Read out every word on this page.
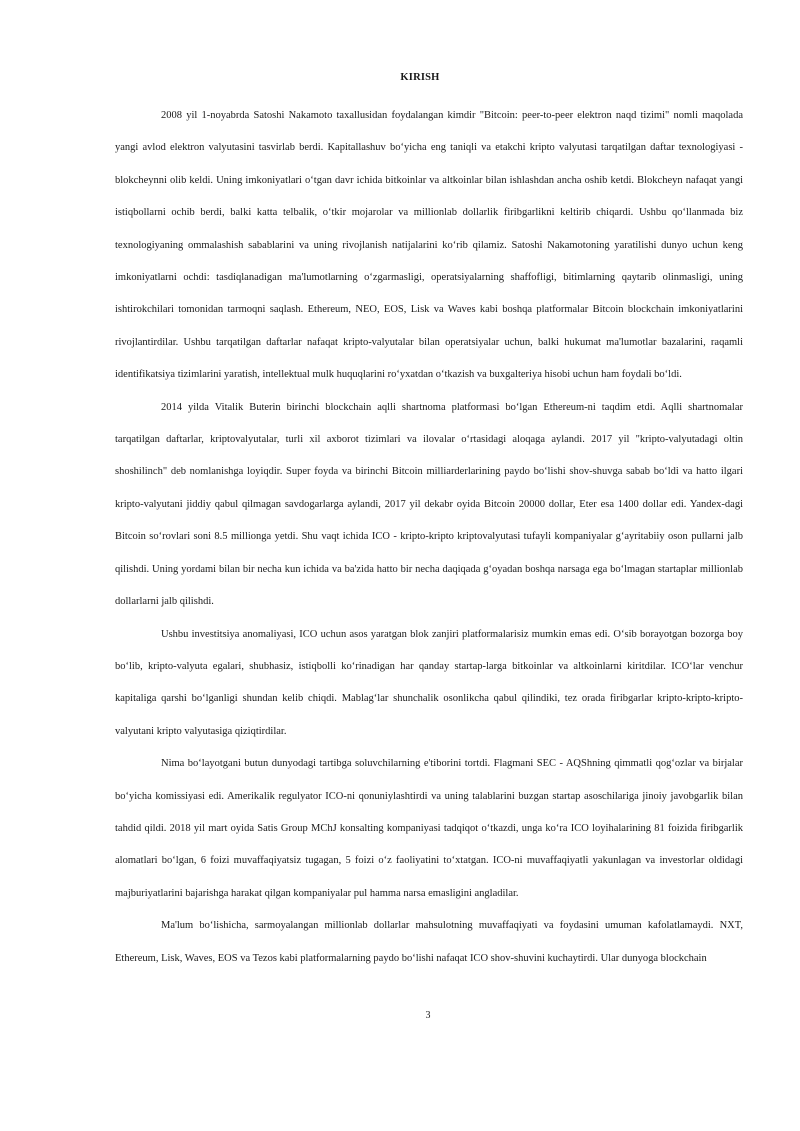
KIRISH

2008 yil 1-noyabrda Satoshi Nakamoto taxallusidan foydalangan kimdir "Bitcoin: peer-to-peer elektron naqd tizimi" nomli maqolada yangi avlod elektron valyutasini tasvirlab berdi. Kapitallashuv bo‘yicha eng taniqli va etakchi kripto valyutasi tarqatilgan daftar texnologiyasi - blokcheynni olib keldi. Uning imkoniyatlari o‘tgan davr ichida bitkoinlar va altkoinlar bilan ishlashdan ancha oshib ketdi. Blokcheyn nafaqat yangi istiqbollarni ochib berdi, balki katta telbalik, o‘tkir mojarolar va millionlab dollarlik firibgarlikni keltirib chiqardi. Ushbu qo‘llanmada biz texnologiyaning ommalashish sabablarini va uning rivojlanish natijalarini ko‘rib qilamiz. Satoshi Nakamotoning yaratilishi dunyo uchun keng imkoniyatlarni ochdi: tasdiqlanadigan ma'lumotlarning o‘zgarmasligi, operatsiyalarning shaffofligi, bitimlarning qaytarib olinmasligi, uning ishtirokchilari tomonidan tarmoqni saqlash. Ethereum, NEO, EOS, Lisk va Waves kabi boshqa platformalar Bitcoin blockchain imkoniyatlarini rivojlantirdilar. Ushbu tarqatilgan daftarlar nafaqat kripto-valyutalar bilan operatsiyalar uchun, balki hukumat ma'lumotlar bazalarini, raqamli identifikatsiya tizimlarini yaratish, intellektual mulk huquqlarini ro‘yxatdan o‘tkazish va buxgalteriya hisobi uchun ham foydali bo‘ldi.

2014 yilda Vitalik Buterin birinchi blockchain aqlli shartnoma platformasi bo‘lgan Ethereum-ni taqdim etdi. Aqlli shartnomalar tarqatilgan daftarlar, kriptovalyutalar, turli xil axborot tizimlari va ilovalar o‘rtasidagi aloqaga aylandi. 2017 yil "kripto-valyutadagi oltin shoshilinch" deb nomlanishga loyiqdir. Super foyda va birinchi Bitcoin milliarderlarining paydo bo‘lishi shov-shuvga sabab bo‘ldi va hatto ilgari kripto-valyutani jiddiy qabul qilmagan savdogarlarga aylandi, 2017 yil dekabr oyida Bitcoin 20000 dollar, Eter esa 1400 dollar edi. Yandex-dagi Bitcoin so‘rovlari soni 8.5 millionga yetdi. Shu vaqt ichida ICO - kripto-kripto kriptovalyutasi tufayli kompaniyalar g‘ayritabiiy oson pullarni jalb qilishdi. Uning yordami bilan bir necha kun ichida va ba'zida hatto bir necha daqiqada g‘oyadan boshqa narsaga ega bo‘lmagan startaplar millionlab dollarlarni jalb qilishdi.

Ushbu investitsiya anomaliyasi, ICO uchun asos yaratgan blok zanjiri platformalarisiz mumkin emas edi. O‘sib borayotgan bozorga boy bo‘lib, kripto-valyuta egalari, shubhasiz, istiqbolli ko‘rinadigan har qanday startap-larga bitkoinlar va altkoinlarni kiritdilar. ICO‘lar venchur kapitaliga qarshi bo‘lganligi shundan kelib chiqdi. Mablag‘lar shunchalik osonlikcha qabul qilindiki, tez orada firibgarlar kripto-kripto-kripto-valyutani kripto valyutasiga qiziqtirdilar.

Nima bo‘layotgani butun dunyodagi tartibga soluvchilarning e'tiborini tortdi. Flagmani SEC - AQShning qimmatli qog‘ozlar va birjalar bo‘yicha komissiyasi edi. Amerikalik regulyator ICO-ni qonuniylashtirdi va uning talablarini buzgan startap asoschilariga jinoiy javobgarlik bilan tahdid qildi. 2018 yil mart oyida Satis Group MChJ konsalting kompaniyasi tadqiqot o‘tkazdi, unga ko‘ra ICO loyihalarining 81 foizida firibgarlik alomatlari bo‘lgan, 6 foizi muvaffaqiyatsiz tugagan, 5 foizi o‘z faoliyatini to‘xtatgan. ICO-ni muvaffaqiyatli yakunlagan va investorlar oldidagi majburiyatlarini bajarishga harakat qilgan kompaniyalar pul hamma narsa emasligini angladilar.

Ma'lum bo‘lishicha, sarmoyalangan millionlab dollarlar mahsulotning muvaffaqiyati va foydasini umuman kafolatlamaydi. NXT, Ethereum, Lisk, Waves, EOS va Tezos kabi platformalarning paydo bo‘lishi nafaqat ICO shov-shuvini kuchaytirdi. Ular dunyoga blockchain

3
